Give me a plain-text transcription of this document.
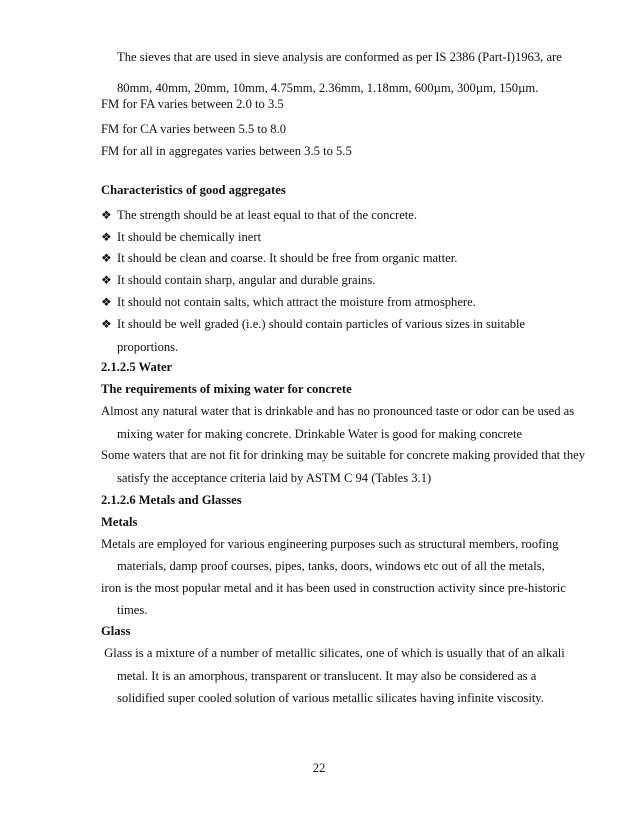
The sieves that are used in sieve analysis are conformed as per IS 2386 (Part-I)1963, are
80mm, 40mm, 20mm, 10mm, 4.75mm, 2.36mm, 1.18mm, 600µm, 300µm, 150µm.
FM for FA varies between 2.0 to 3.5
FM for CA varies between 5.5 to 8.0
FM for all in aggregates varies between 3.5 to 5.5
Characteristics of good aggregates
❖ The strength should be at least equal to that of the concrete.
❖ It should be chemically inert
❖ It should be clean and coarse. It should be free from organic matter.
❖ It should contain sharp, angular and durable grains.
❖ It should not contain salts, which attract the moisture from atmosphere.
❖ It should be well graded (i.e.) should contain particles of various sizes in suitable
proportions.
2.1.2.5 Water
The requirements of mixing water for concrete
Almost any natural water that is drinkable and has no pronounced taste or odor can be used as
mixing water for making concrete. Drinkable Water is good for making concrete
Some waters that are not fit for drinking may be suitable for concrete making provided that they
satisfy the acceptance criteria laid by ASTM C 94 (Tables 3.1)
2.1.2.6 Metals and Glasses
Metals
Metals are employed for various engineering purposes such as structural members, roofing
materials, damp proof courses, pipes, tanks, doors, windows etc out of all the metals,
iron is the most popular metal and it has been used in construction activity since pre-historic
times.
Glass
Glass is a mixture of a number of metallic silicates, one of which is usually that of an alkali
metal. It is an amorphous, transparent or translucent. It may also be considered as a
solidified super cooled solution of various metallic silicates having infinite viscosity.
22
